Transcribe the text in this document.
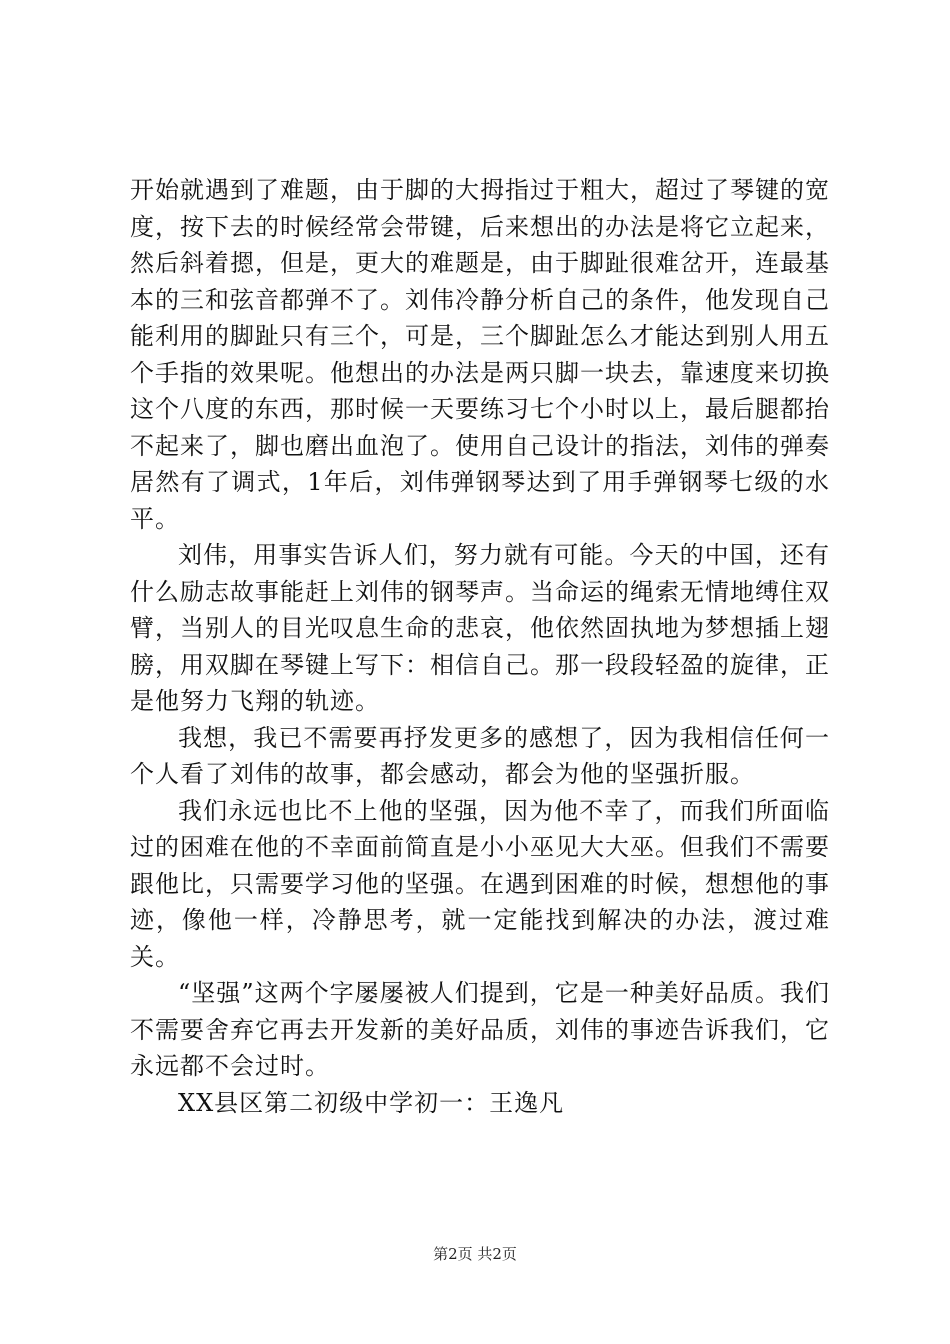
开始就遇到了难题，由于脚的大拇指过于粗大，超过了琴键的宽度，按下去的时候经常会带键，后来想出的办法是将它立起来，然后斜着摁，但是，更大的难题是，由于脚趾很难岔开，连最基本的三和弦音都弹不了。刘伟冷静分析自己的条件，他发现自己能利用的脚趾只有三个，可是，三个脚趾怎么才能达到别人用五个手指的效果呢。他想出的办法是两只脚一块去，靠速度来切换这个八度的东西，那时候一天要练习七个小时以上，最后腿都抬不起来了，脚也磨出血泡了。使用自己设计的指法，刘伟的弹奏居然有了调式，1年后，刘伟弹钢琴达到了用手弹钢琴七级的水平。

刘伟，用事实告诉人们，努力就有可能。今天的中国，还有什么励志故事能赶上刘伟的钢琴声。当命运的绳索无情地缚住双臂，当别人的目光叹息生命的悲哀，他依然固执地为梦想插上翅膀，用双脚在琴键上写下：相信自己。那一段段轻盈的旋律，正是他努力飞翔的轨迹。

我想，我已不需要再抒发更多的感想了，因为我相信任何一个人看了刘伟的故事，都会感动，都会为他的坚强折服。

我们永远也比不上他的坚强，因为他不幸了，而我们所面临过的困难在他的不幸面前简直是小小巫见大大巫。但我们不需要跟他比，只需要学习他的坚强。在遇到困难的时候，想想他的事迹，像他一样，冷静思考，就一定能找到解决的办法，渡过难关。

“坚强”这两个字屡屡被人们提到，它是一种美好品质。我们不需要舍弃它再去开发新的美好品质，刘伟的事迹告诉我们，它永远都不会过时。

XX县区第二初级中学初一：王逸凡

第2页 共2页
